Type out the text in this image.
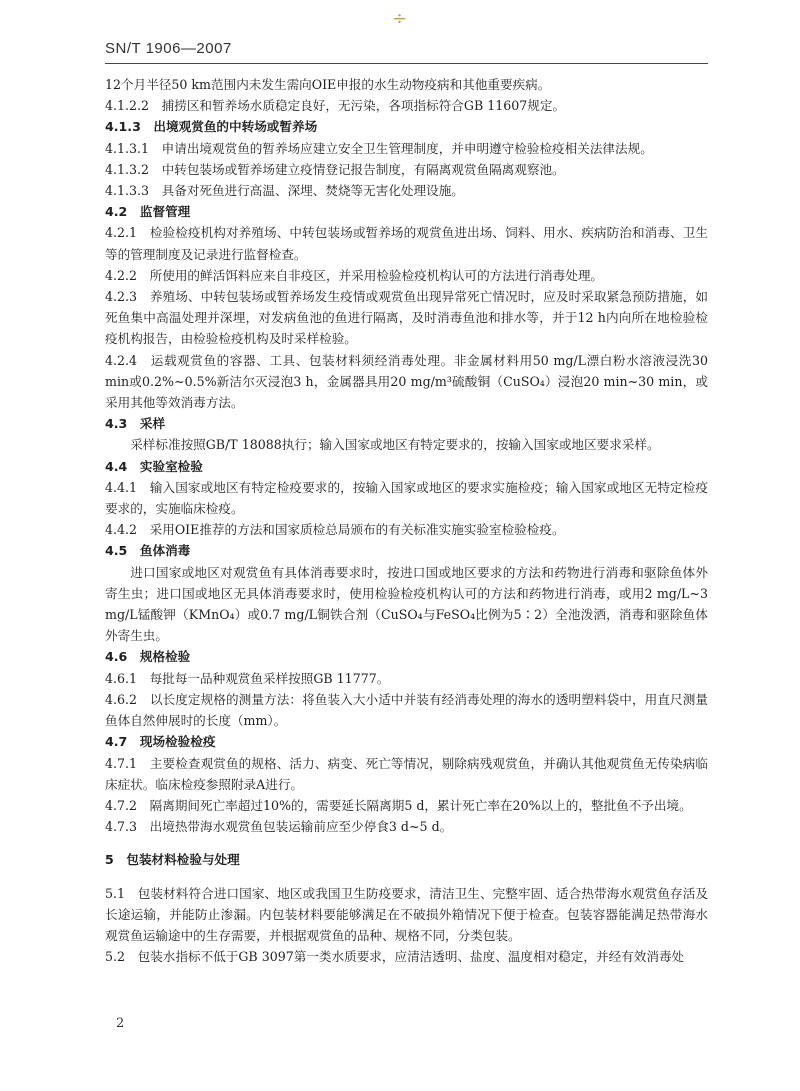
÷
SN/T 1906—2007

12个月半径50 km范围内未发生需向OIE申报的水生动物疫病和其他重要疾病。

4.1.2.2　捕捞区和暂养场水质稳定良好，无污染，各项指标符合GB 11607规定。

4.1.3　出境观赏鱼的中转场或暂养场

4.1.3.1　申请出境观赏鱼的暂养场应建立安全卫生管理制度，并申明遵守检验检疫相关法律法规。

4.1.3.2　中转包装场或暂养场建立疫情登记报告制度，有隔离观赏鱼隔离观察池。

4.1.3.3　具备对死鱼进行高温、深埋、焚烧等无害化处理设施。

4.2　监督管理

4.2.1　检验检疫机构对养殖场、中转包装场或暂养场的观赏鱼进出场、饲料、用水、疾病防治和消毒、卫生等的管理制度及记录进行监督检查。

4.2.2　所使用的鲜活饵料应来自非疫区，并采用检验检疫机构认可的方法进行消毒处理。

4.2.3　养殖场、中转包装场或暂养场发生疫情或观赏鱼出现异常死亡情况时，应及时采取紧急预防措施，如死鱼集中高温处理并深埋，对发病鱼池的鱼进行隔离，及时消毒鱼池和排水等，并于12 h内向所在地检验检疫机构报告，由检验检疫机构及时采样检验。

4.2.4　运载观赏鱼的容器、工具、包装材料须经消毒处理。非金属材料用50 mg/L漂白粉水溶液浸洗30 min或0.2%~0.5%新洁尔灭浸泡3 h，金属器具用20 mg/m³硫酸铜（CuSO₄）浸泡20 min~30 min，或采用其他等效消毒方法。

4.3　采样

采样标准按照GB/T 18088执行；输入国家或地区有特定要求的，按输入国家或地区要求采样。

4.4　实验室检验

4.4.1　输入国家或地区有特定检疫要求的，按输入国家或地区的要求实施检疫；输入国家或地区无特定检疫要求的，实施临床检疫。

4.4.2　采用OIE推荐的方法和国家质检总局颁布的有关标准实施实验室检验检疫。

4.5　鱼体消毒

进口国家或地区对观赏鱼有具体消毒要求时，按进口国或地区要求的方法和药物进行消毒和驱除鱼体外寄生虫；进口国或地区无具体消毒要求时，使用检验检疫机构认可的方法和药物进行消毒，或用2 mg/L~3 mg/L锰酸钾（KMnO₄）或0.7 mg/L铜铁合剂（CuSO₄与FeSO₄比例为5∶2）全池泼洒，消毒和驱除鱼体外寄生虫。

4.6　规格检验

4.6.1　每批每一品种观赏鱼采样按照GB 11777。

4.6.2　以长度定规格的测量方法：将鱼装入大小适中并装有经消毒处理的海水的透明塑料袋中，用直尺测量鱼体自然伸展时的长度（mm）。

4.7　现场检验检疫

4.7.1　主要检查观赏鱼的规格、活力、病变、死亡等情况，剔除病残观赏鱼，并确认其他观赏鱼无传染病临床症状。临床检疫参照附录A进行。

4.7.2　隔离期间死亡率超过10%的，需要延长隔离期5 d，累计死亡率在20%以上的，整批鱼不予出境。

4.7.3　出境热带海水观赏鱼包装运输前应至少停食3 d~5 d。

5　包装材料检验与处理

5.1　包装材料符合进口国家、地区或我国卫生防疫要求，清洁卫生、完整牢固、适合热带海水观赏鱼存活及长途运输，并能防止渗漏。内包装材料要能够满足在不破损外箱情况下便于检查。包装容器能满足热带海水观赏鱼运输途中的生存需要，并根据观赏鱼的品种、规格不同，分类包装。

5.2　包装水指标不低于GB 3097第一类水质要求，应清洁透明、盐度、温度相对稳定，并经有效消毒处

2
